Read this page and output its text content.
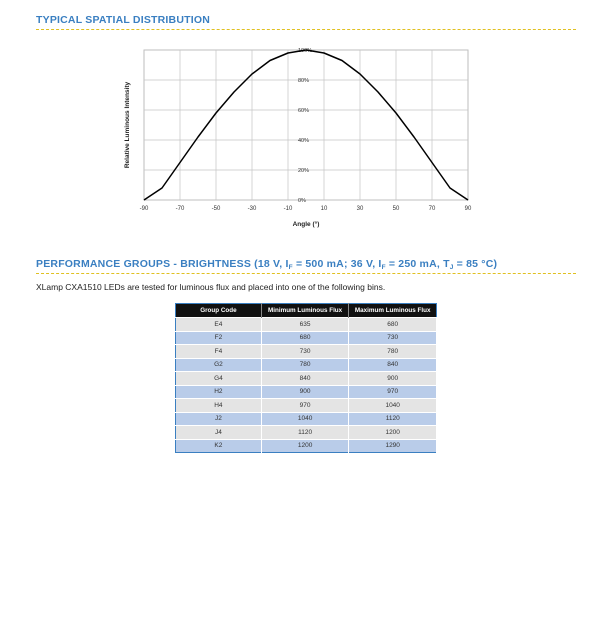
TYPICAL SPATIAL DISTRIBUTION
-90	-70	-50	-30	-10	10	30	50	70	90
0%
20%
40%
60%
80%
100%
Angle (°)
Relative Luminous Intensity
PERFORMANCE GROUPS - BRIGHTNESS (18 V, IF = 500 mA; 36 V, IF = 250 mA, TJ = 85 °C)
XLamp CXA1510 LEDs are tested for luminous flux and placed into one of the following bins.
Group Code	Minimum Luminous Flux	Maximum Luminous Flux
E4	635	680
F2	680	730
F4	730	780
G2	780	840
G4	840	900
H2	900	970
H4	970	1040
J2	1040	1120
J4	1120	1200
K2	1200	1290
